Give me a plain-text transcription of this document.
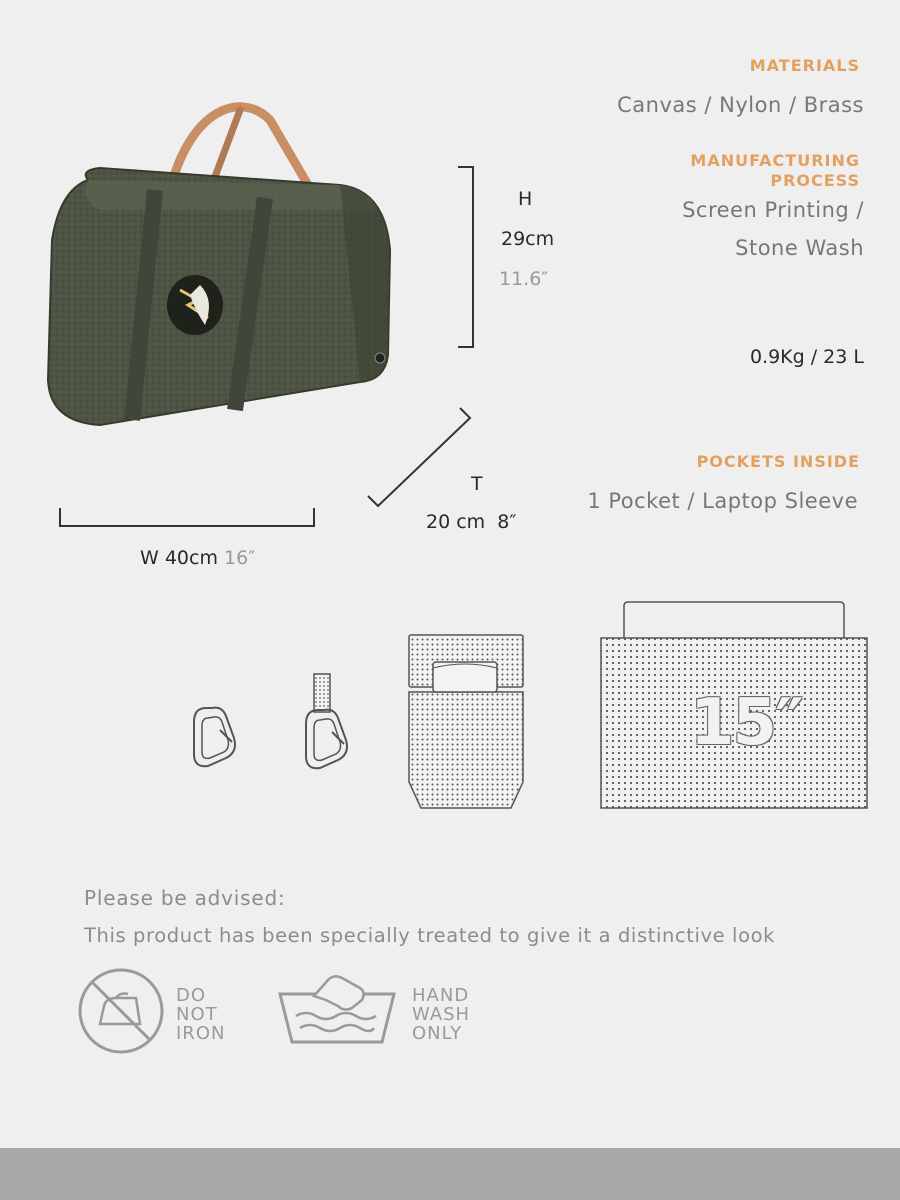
H
29cm
11.6″
T
20 cm  8″
W 40cm 16″
MATERIALS
Canvas / Nylon / Brass
MANUFACTURING
PROCESS
Screen Printing /
Stone Wash
0.9Kg / 23 L
POCKETS INSIDE
1 Pocket / Laptop Sleeve
15″
Please be advised:
This product has been specially treated to give it a distinctive look
DO
NOT
IRON
HAND
WASH
ONLY
